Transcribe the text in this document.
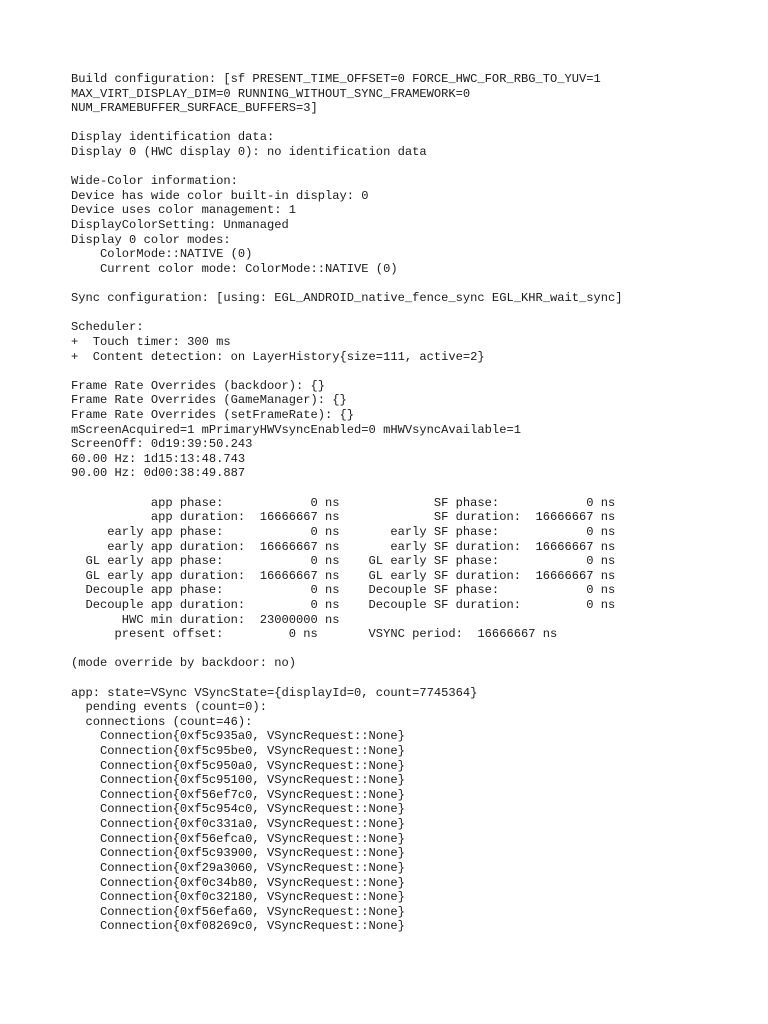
Build configuration: [sf PRESENT_TIME_OFFSET=0 FORCE_HWC_FOR_RBG_TO_YUV=1
MAX_VIRT_DISPLAY_DIM=0 RUNNING_WITHOUT_SYNC_FRAMEWORK=0
NUM_FRAMEBUFFER_SURFACE_BUFFERS=3]
Display identification data:
Display 0 (HWC display 0): no identification data
Wide-Color information:
Device has wide color built-in display: 0
Device uses color management: 1
DisplayColorSetting: Unmanaged
Display 0 color modes:
ColorMode::NATIVE (0)
Current color mode: ColorMode::NATIVE (0)
Sync configuration: [using: EGL_ANDROID_native_fence_sync EGL_KHR_wait_sync]
Scheduler:
+  Touch timer: 300 ms
+  Content detection: on LayerHistory{size=111, active=2}
Frame Rate Overrides (backdoor): {}
Frame Rate Overrides (GameManager): {}
Frame Rate Overrides (setFrameRate): {}
mScreenAcquired=1 mPrimaryHWVsyncEnabled=0 mHWVsyncAvailable=1
ScreenOff: 0d19:39:50.243
60.00 Hz: 1d15:13:48.743
90.00 Hz: 0d00:38:49.887
app phase:            0 ns             SF phase:            0 ns
app duration:  16666667 ns             SF duration:  16666667 ns
early app phase:            0 ns       early SF phase:            0 ns
early app duration:  16666667 ns       early SF duration:  16666667 ns
GL early app phase:            0 ns    GL early SF phase:            0 ns
GL early app duration:  16666667 ns    GL early SF duration:  16666667 ns
Decouple app phase:            0 ns    Decouple SF phase:            0 ns
Decouple app duration:         0 ns    Decouple SF duration:         0 ns
HWC min duration:  23000000 ns
present offset:         0 ns       VSYNC period:  16666667 ns
(mode override by backdoor: no)
app: state=VSync VSyncState={displayId=0, count=7745364}
pending events (count=0):
connections (count=46):
Connection{0xf5c935a0, VSyncRequest::None}
Connection{0xf5c95be0, VSyncRequest::None}
Connection{0xf5c950a0, VSyncRequest::None}
Connection{0xf5c95100, VSyncRequest::None}
Connection{0xf56ef7c0, VSyncRequest::None}
Connection{0xf5c954c0, VSyncRequest::None}
Connection{0xf0c331a0, VSyncRequest::None}
Connection{0xf56efca0, VSyncRequest::None}
Connection{0xf5c93900, VSyncRequest::None}
Connection{0xf29a3060, VSyncRequest::None}
Connection{0xf0c34b80, VSyncRequest::None}
Connection{0xf0c32180, VSyncRequest::None}
Connection{0xf56efa60, VSyncRequest::None}
Connection{0xf08269c0, VSyncRequest::None}
